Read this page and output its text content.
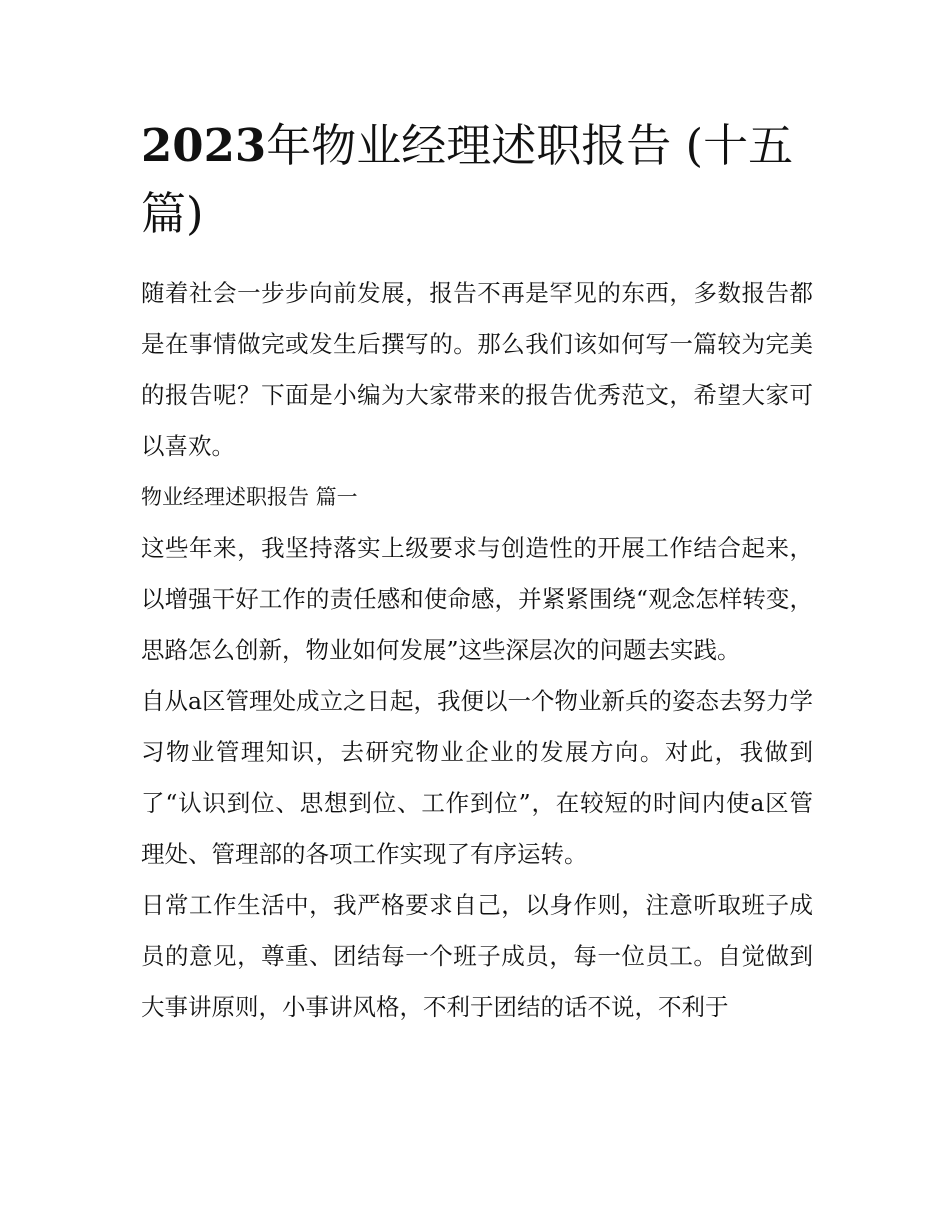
2023年物业经理述职报告 (十五篇)

随着社会一步步向前发展，报告不再是罕见的东西，多数报告都是在事情做完或发生后撰写的。那么我们该如何写一篇较为完美的报告呢？下面是小编为大家带来的报告优秀范文，希望大家可以喜欢。

物业经理述职报告 篇一

这些年来，我坚持落实上级要求与创造性的开展工作结合起来，以增强干好工作的责任感和使命感，并紧紧围绕“观念怎样转变，思路怎么创新，物业如何发展”这些深层次的问题去实践。

自从a区管理处成立之日起，我便以一个物业新兵的姿态去努力学习物业管理知识，去研究物业企业的发展方向。对此，我做到了“认识到位、思想到位、工作到位”，在较短的时间内使a区管理处、管理部的各项工作实现了有序运转。

日常工作生活中，我严格要求自己，以身作则，注意听取班子成员的意见，尊重、团结每一个班子成员，每一位员工。自觉做到大事讲原则，小事讲风格，不利于团结的话不说，不利于
